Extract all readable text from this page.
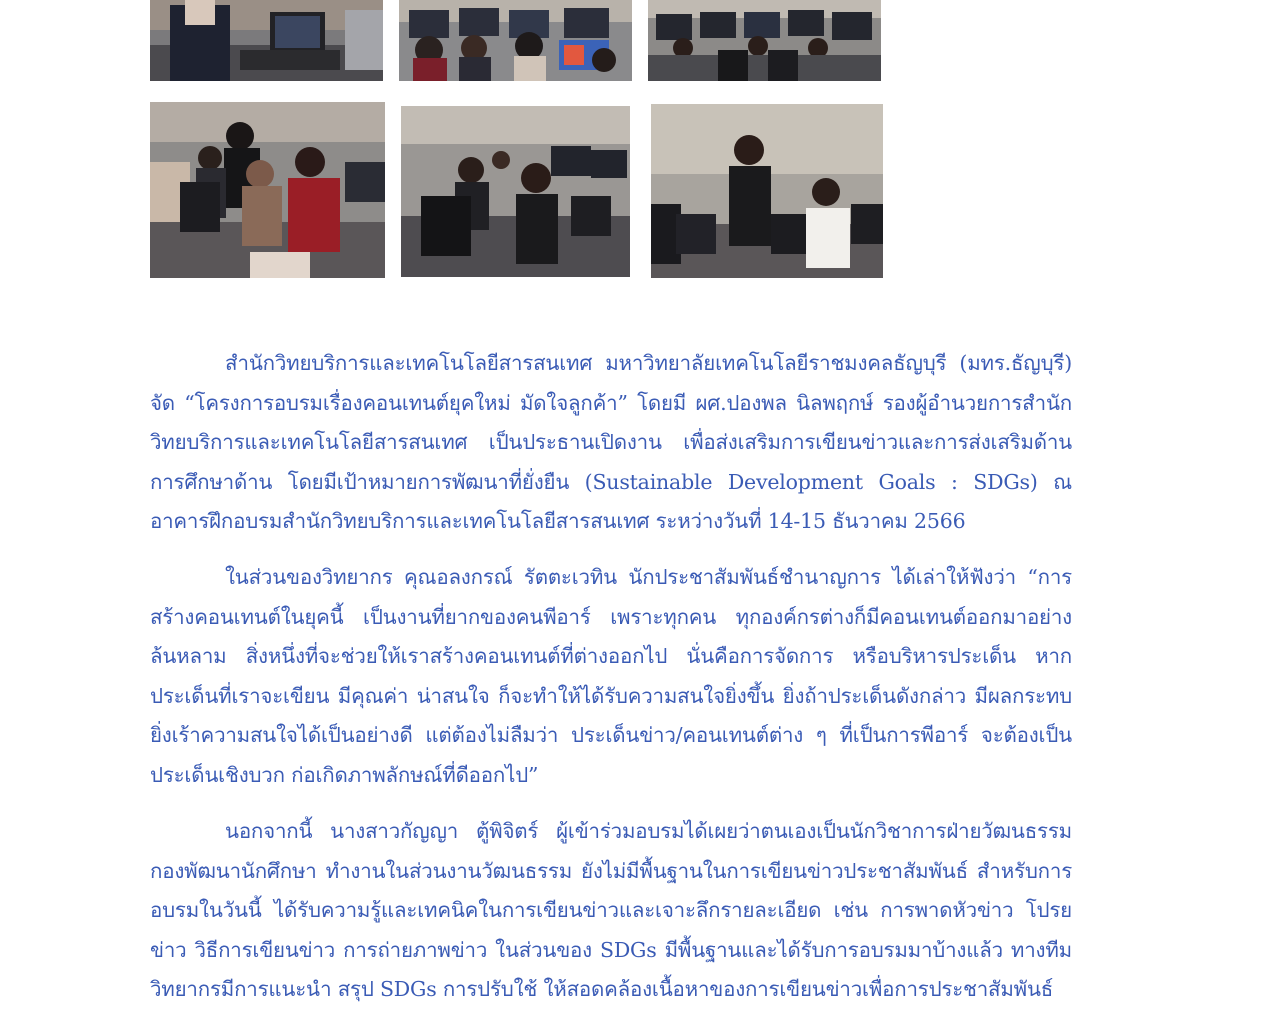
สำนักวิทยบริการและเทคโนโลยีสารสนเทศ มหาวิทยาลัยเทคโนโลยีราชมงคลธัญบุรี (มทร.ธัญบุรี) จัด “โครงการอบรมเรื่องคอนเทนต์ยุคใหม่ มัดใจลูกค้า” โดยมี ผศ.ปองพล นิลพฤกษ์ รองผู้อำนวยการสำนักวิทยบริการและเทคโนโลยีสารสนเทศ เป็นประธานเปิดงาน เพื่อส่งเสริมการเขียนข่าวและการส่งเสริมด้านการศึกษาด้าน โดยมีเป้าหมายการพัฒนาที่ยั่งยืน (Sustainable Development Goals : SDGs) ณ อาคารฝึกอบรมสำนักวิทยบริการและเทคโนโลยีสารสนเทศ ระหว่างวันที่ 14-15 ธันวาคม 2566

ในส่วนของวิทยากร คุณอลงกรณ์ รัตตะเวทิน นักประชาสัมพันธ์ชำนาญการ ได้เล่าให้ฟังว่า “การสร้างคอนเทนต์ในยุคนี้ เป็นงานที่ยากของคนพีอาร์ เพราะทุกคน ทุกองค์กรต่างก็มีคอนเทนต์ออกมาอย่างล้นหลาม สิ่งหนึ่งที่จะช่วยให้เราสร้างคอนเทนต์ที่ต่างออกไป นั่นคือการจัดการ หรือบริหารประเด็น หากประเด็นที่เราจะเขียน มีคุณค่า น่าสนใจ ก็จะทำให้ได้รับความสนใจยิ่งขึ้น ยิ่งถ้าประเด็นดังกล่าว มีผลกระทบยิ่งเร้าความสนใจได้เป็นอย่างดี แต่ต้องไม่ลืมว่า ประเด็นข่าว/คอนเทนต์ต่าง ๆ ที่เป็นการพีอาร์ จะต้องเป็นประเด็นเชิงบวก ก่อเกิดภาพลักษณ์ที่ดีออกไป”

นอกจากนี้ นางสาวกัญญา ตู้พิจิตร์ ผู้เข้าร่วมอบรมได้เผยว่าตนเองเป็นนักวิชาการฝ่ายวัฒนธรรม กองพัฒนานักศึกษา ทำงานในส่วนงานวัฒนธรรม ยังไม่มีพื้นฐานในการเขียนข่าวประชาสัมพันธ์ สำหรับการอบรมในวันนี้ ได้รับความรู้และเทคนิคในการเขียนข่าวและเจาะลึกรายละเอียด เช่น การพาดหัวข่าว โปรยข่าว วิธีการเขียนข่าว การถ่ายภาพข่าว ในส่วนของ SDGs มีพื้นฐานและได้รับการอบรมมาบ้างแล้ว ทางทีมวิทยากรมีการแนะนำ สรุป SDGs การปรับใช้ ให้สอดคล้องเนื้อหาของการเขียนข่าวเพื่อการประชาสัมพันธ์
